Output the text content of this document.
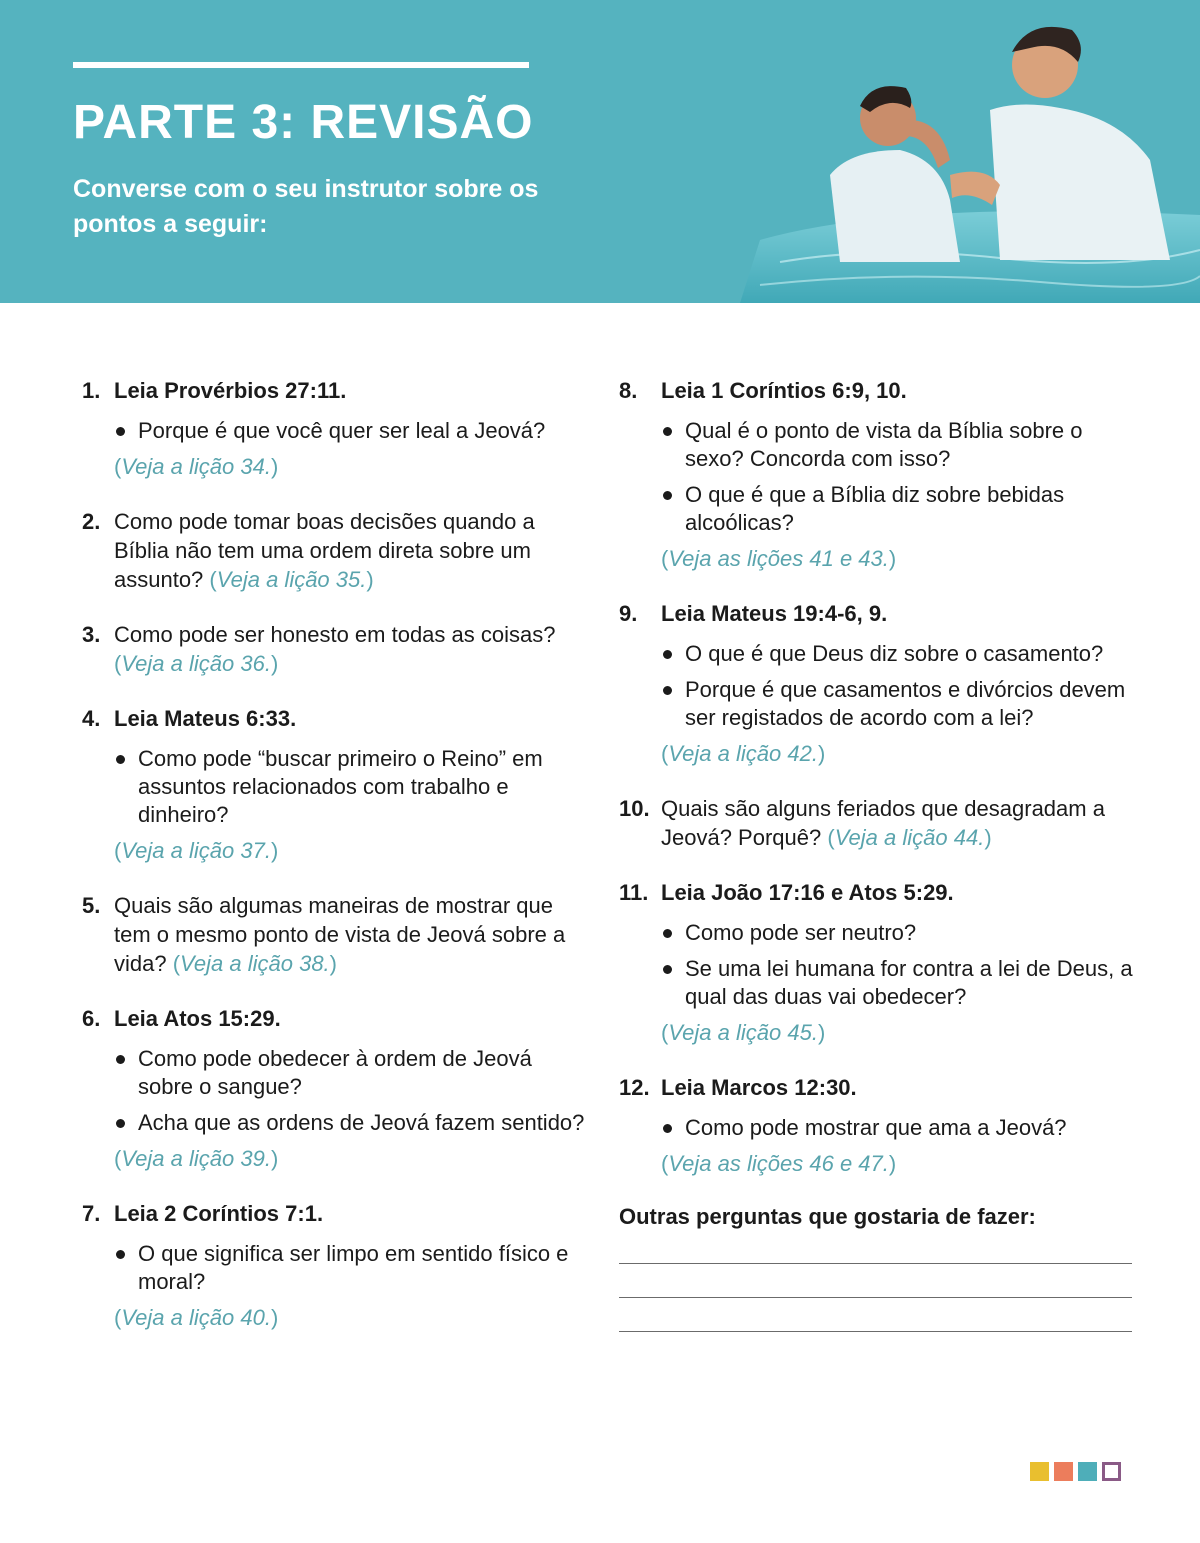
PARTE 3: REVISÃO

Converse com o seu instrutor sobre os pontos a seguir:

1. Leia Provérbios 27:11.
Porque é que você quer ser leal a Jeová?
(Veja a lição 34.)
2. Como pode tomar boas decisões quando a Bíblia não tem uma ordem direta sobre um assunto? (Veja a lição 35.)
3. Como pode ser honesto em todas as coisas?
(Veja a lição 36.)
4. Leia Mateus 6:33.
Como pode “buscar primeiro o Reino” em assuntos relacionados com trabalho e dinheiro?
(Veja a lição 37.)
5. Quais são algumas maneiras de mostrar que tem o mesmo ponto de vista de Jeová sobre a vida? (Veja a lição 38.)
6. Leia Atos 15:29.
Como pode obedecer à ordem de Jeová sobre o sangue?
Acha que as ordens de Jeová fazem sentido?
(Veja a lição 39.)
7. Leia 2 Coríntios 7:1.
O que significa ser limpo em sentido físico e moral?
(Veja a lição 40.)
8.	Leia 1 Coríntios 6:9, 10.
Qual é o ponto de vista da Bíblia sobre o sexo? Concorda com isso?
O que é que a Bíblia diz sobre bebidas alcoólicas?
(Veja as lições 41 e 43.)
9.	Leia Mateus 19:4-6, 9.
O que é que Deus diz sobre o casamento?
Porque é que casamentos e divórcios devem ser registados de acordo com a lei?
(Veja a lição 42.)
10. Quais são alguns feriados que desagradam a Jeová? Porquê? (Veja a lição 44.)
11. Leia João 17:16 e Atos 5:29.
Como pode ser neutro?
Se uma lei humana for contra a lei de Deus, a qual das duas vai obedecer?
(Veja a lição 45.)
12. Leia Marcos 12:30.
Como pode mostrar que ama a Jeová?
(Veja as lições 46 e 47.)
Outras perguntas que gostaria de fazer:
